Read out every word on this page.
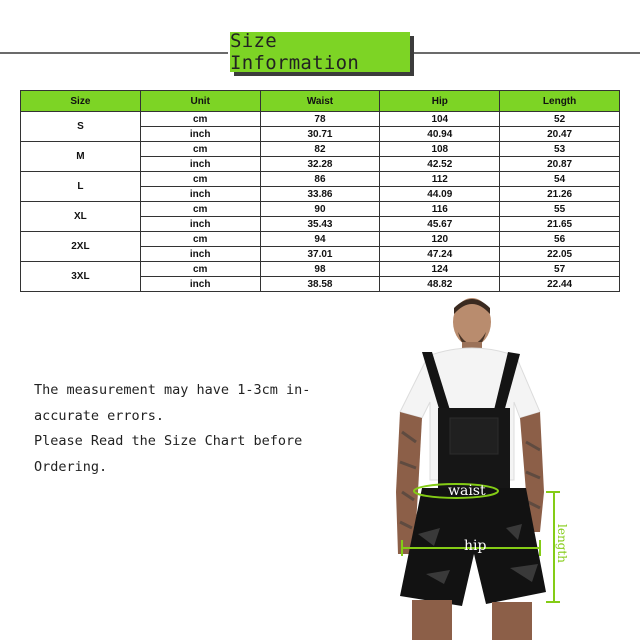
Size Information
Size	Unit	Waist	Hip	Length
S	cm	78	104	52
	inch	30.71	40.94	20.47
M	cm	82	108	53
	inch	32.28	42.52	20.87
L	cm	86	112	54
	inch	33.86	44.09	21.26
XL	cm	90	116	55
	inch	35.43	45.67	21.65
2XL	cm	94	120	56
	inch	37.01	47.24	22.05
3XL	cm	98	124	57
	inch	38.58	48.82	22.44

The measurement may have 1-3cm in-

accurate errors.

Please Read the Size Chart before

Ordering.

waist
hip	length
